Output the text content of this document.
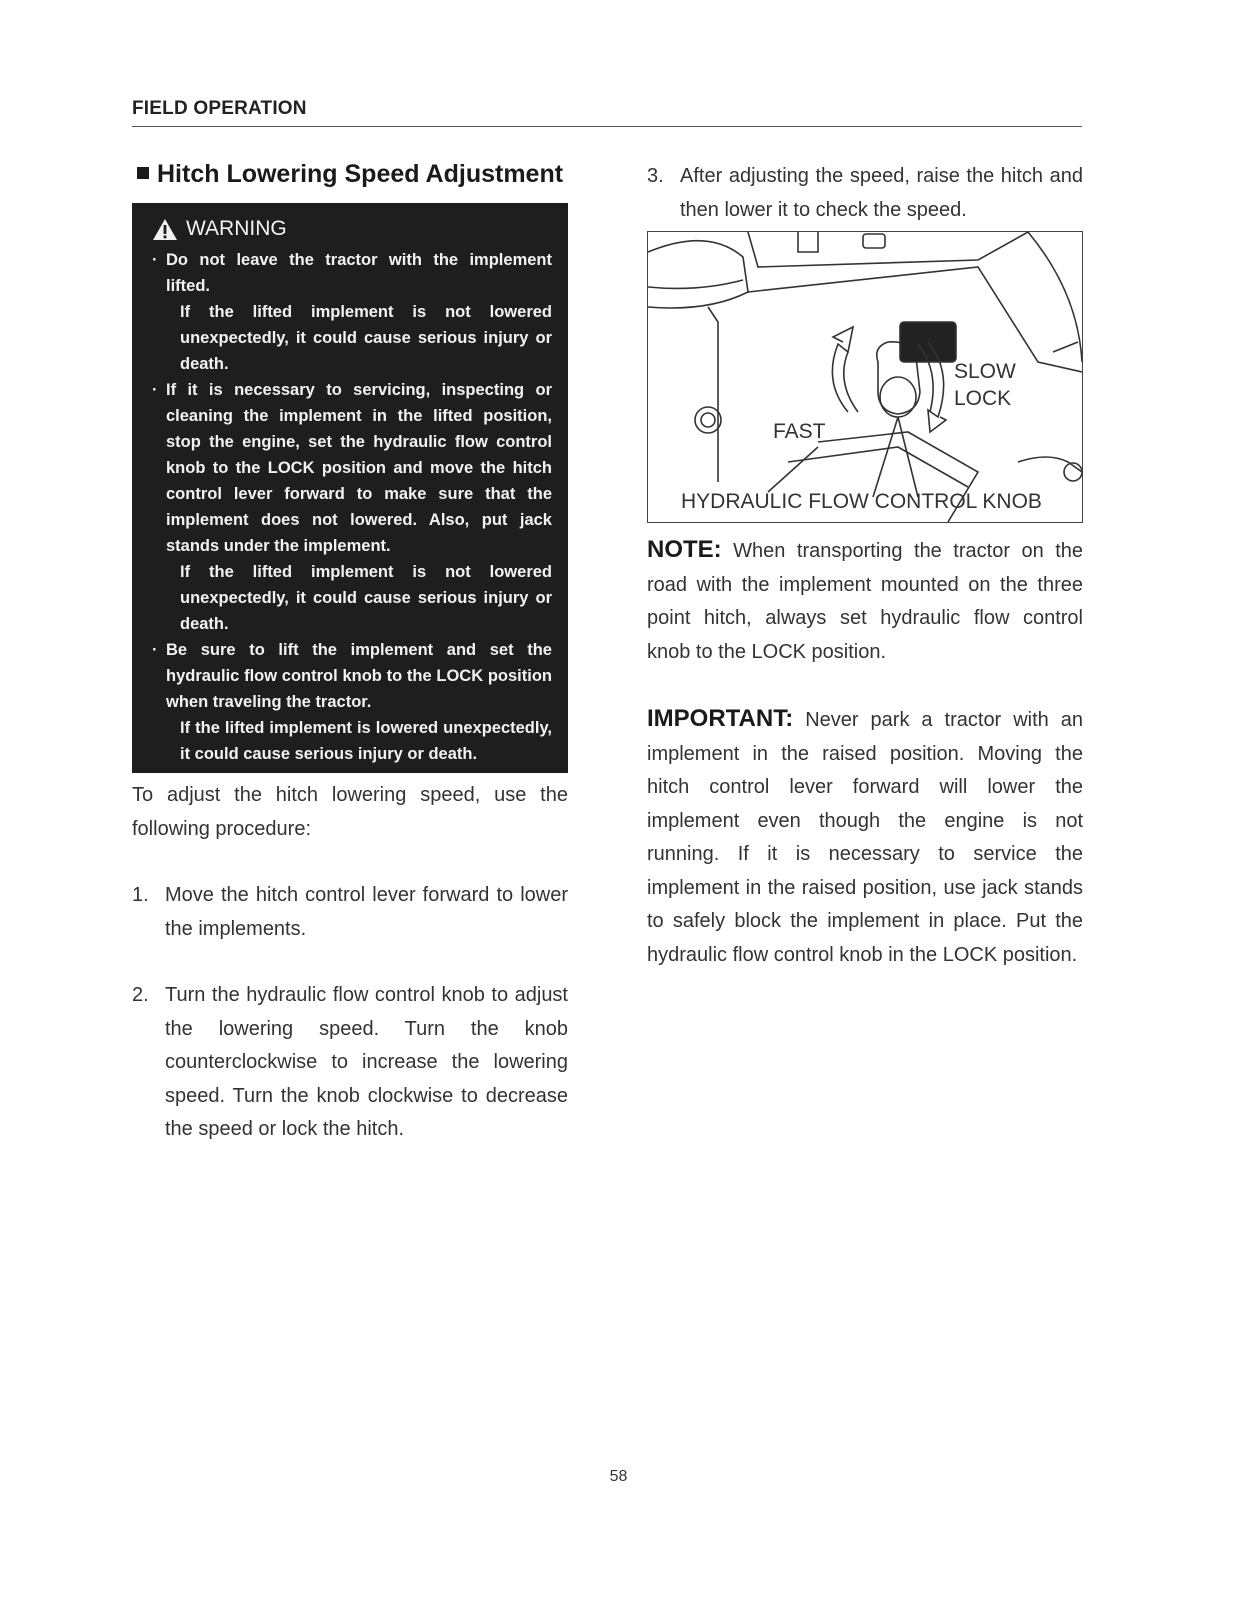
FIELD OPERATION
Hitch Lowering Speed Adjustment
WARNING
· Do not leave the tractor with the implement lifted.
If the lifted implement is not lowered unexpectedly, it could cause serious injury or death.
· If it is necessary to servicing, inspecting or cleaning the implement in the lifted position, stop the engine, set the hydraulic flow control knob to the LOCK position and move the hitch control lever forward to make sure that the implement does not lowered. Also, put jack stands under the implement.
If the lifted implement is not lowered unexpectedly, it could cause serious injury or death.
· Be sure to lift the implement and set the hydraulic flow control knob to the LOCK position when traveling the tractor.
If the lifted implement is lowered unexpectedly, it could cause serious injury or death.
To adjust the hitch lowering speed, use the following procedure:
1. Move the hitch control lever forward to lower the implements.
2. Turn the hydraulic flow control knob to adjust the lowering speed. Turn the knob counterclockwise to increase the lowering speed. Turn the knob clockwise to decrease the speed or lock the hitch.
3. After adjusting the speed, raise the hitch and then lower it to check the speed.
SLOW
LOCK
FAST
HYDRAULIC FLOW CONTROL KNOB
NOTE: When transporting the tractor on the road with the implement mounted on the three point hitch, always set hydraulic flow control knob to the LOCK position.
IMPORTANT: Never park a tractor with an implement in the raised position. Moving the hitch control lever forward will lower the implement even though the engine is not running. If it is necessary to service the implement in the raised position, use jack stands to safely block the implement in place. Put the hydraulic flow control knob in the LOCK position.
58
